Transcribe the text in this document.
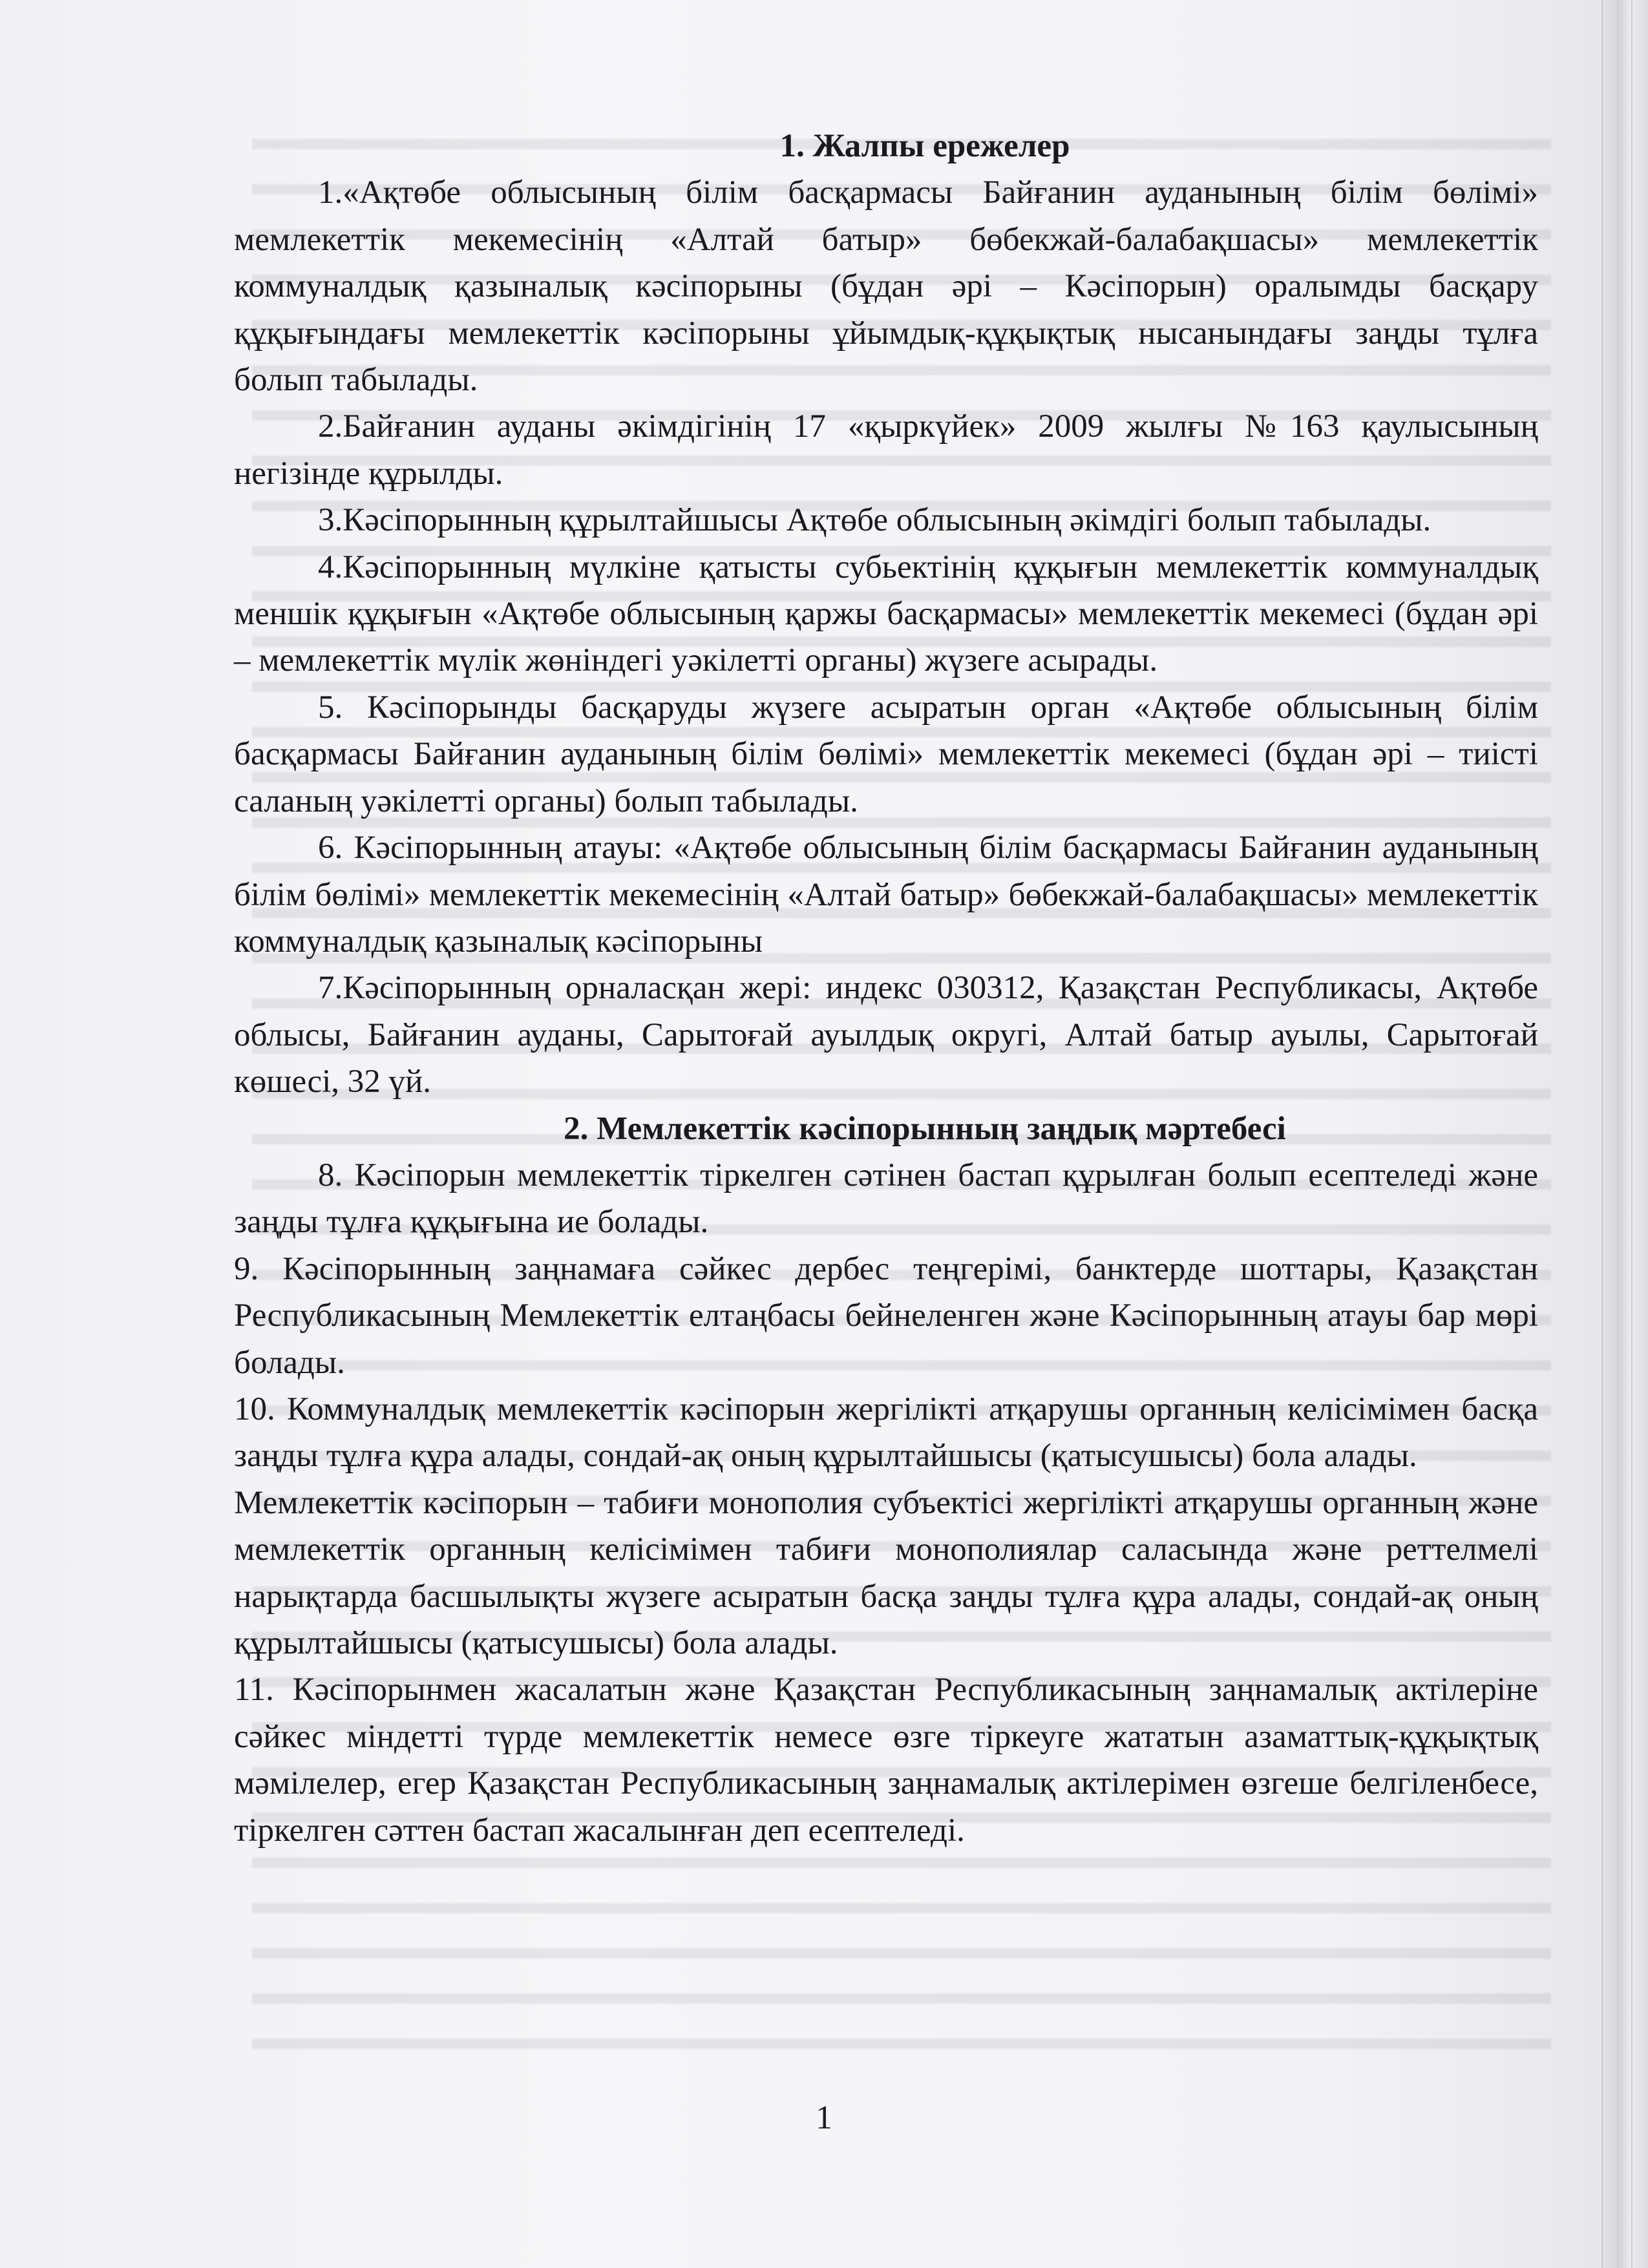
1. Жалпы ережелер

1.«Ақтөбе облысының білім басқармасы Байғанин ауданының білім бөлімі» мемлекеттік мекемесінің «Алтай батыр» бөбекжай-балабақшасы» мемлекеттік коммуналдық қазыналық кәсіпорыны (бұдан әрі – Кәсіпорын) оралымды басқару құқығындағы мемлекеттік кәсіпорыны ұйымдық-құқықтық нысанындағы заңды тұлға болып табылады.

2.Байғанин ауданы әкімдігінің 17 «қыркүйек» 2009 жылғы №163 қаулысының негізінде құрылды.

3.Кәсіпорынның құрылтайшысы Ақтөбе облысының әкімдігі болып табылады.

4.Кәсіпорынның мүлкіне қатысты субьектінің құқығын мемлекеттік коммуналдық меншік құқығын «Ақтөбе облысының қаржы басқармасы» мемлекеттік мекемесі (бұдан әрі – мемлекеттік мүлік жөніндегі уәкілетті органы) жүзеге асырады.

5. Кәсіпорынды басқаруды жүзеге асыратын орган «Ақтөбе облысының білім басқармасы Байғанин ауданының білім бөлімі» мемлекеттік мекемесі (бұдан әрі – тиісті саланың уәкілетті органы) болып табылады.

6. Кәсіпорынның атауы: «Ақтөбе облысының білім басқармасы Байғанин ауданының білім бөлімі» мемлекеттік мекемесінің «Алтай батыр» бөбекжай-балабақшасы» мемлекеттік коммуналдық қазыналық кәсіпорыны

7.Кәсіпорынның орналасқан жері: индекс 030312, Қазақстан Республикасы, Ақтөбе облысы, Байғанин ауданы, Сарытоғай ауылдық округі, Алтай батыр ауылы, Сарытоғай көшесі, 32 үй.

2. Мемлекеттік кәсіпорынның заңдық мәртебесі

8. Кәсіпорын мемлекеттік тіркелген сәтінен бастап құрылған болып есептеледі және заңды тұлға құқығына ие болады.

9. Кәсіпорынның заңнамаға сәйкес дербес теңгерімі, банктерде шоттары, Қазақстан Республикасының Мемлекеттік елтаңбасы бейнеленген және Кәсіпорынның атауы бар мөрі болады.

10. Коммуналдық мемлекеттік кәсіпорын жергілікті атқарушы органның келісімімен басқа заңды тұлға құра алады, сондай-ақ оның құрылтайшысы (қатысушысы) бола алады.

Мемлекеттік кәсіпорын – табиғи монополия субъектісі жергілікті атқарушы органның және мемлекеттік органның келісімімен табиғи монополиялар саласында және реттелмелі нарықтарда басшылықты жүзеге асыратын басқа заңды тұлға құра алады, сондай-ақ оның құрылтайшысы (қатысушысы) бола алады.

11. Кәсіпорынмен жасалатын және Қазақстан Республикасының заңнамалық актілеріне сәйкес міндетті түрде мемлекеттік немесе өзге тіркеуге жататын азаматтық-құқықтық мәмілелер, егер Қазақстан Республикасының заңнамалық актілерімен өзгеше белгіленбесе, тіркелген сәттен бастап жасалынған деп есептеледі.

1
